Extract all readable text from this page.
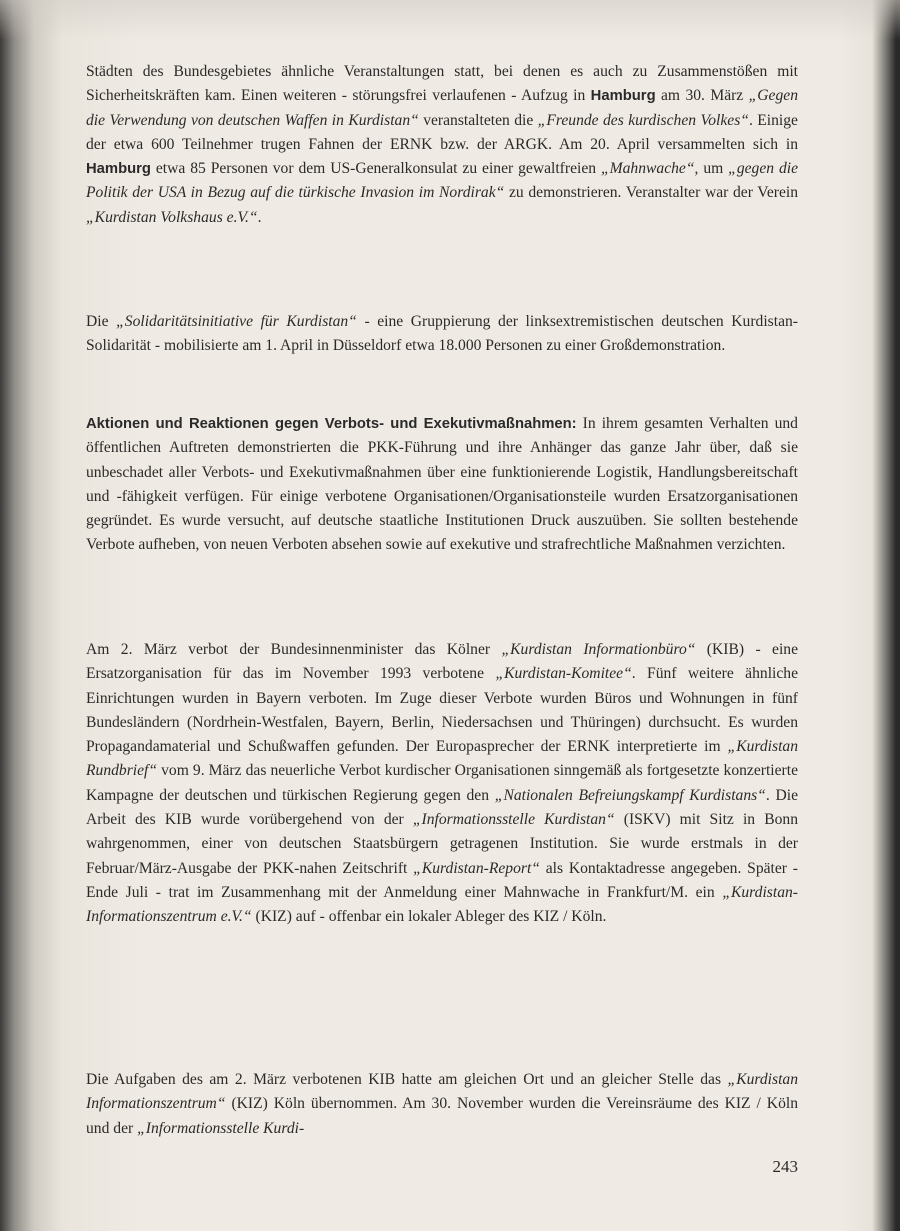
Städten des Bundesgebietes ähnliche Veranstaltungen statt, bei denen es auch zu Zusammenstößen mit Sicherheitskräften kam. Einen weiteren - störungsfrei verlaufenen - Aufzug in Hamburg am 30. März „Gegen die Verwendung von deutschen Waffen in Kurdistan“ veranstalteten die „Freunde des kurdischen Volkes“. Einige der etwa 600 Teilnehmer trugen Fahnen der ERNK bzw. der ARGK. Am 20. April versammelten sich in Hamburg etwa 85 Personen vor dem US-Generalkonsulat zu einer gewaltfreien „Mahnwache“, um „gegen die Politik der USA in Bezug auf die türkische Invasion im Nordirak“ zu demonstrieren. Veranstalter war der Verein „Kurdistan Volkshaus e.V.“.

Die „Solidaritätsinitiative für Kurdistan“ - eine Gruppierung der linksextremistischen deutschen Kurdistan-Solidarität - mobilisierte am 1. April in Düsseldorf etwa 18.000 Personen zu einer Großdemonstration.

Aktionen und Reaktionen gegen Verbots- und Exekutivmaßnahmen: In ihrem gesamten Verhalten und öffentlichen Auftreten demonstrierten die PKK-Führung und ihre Anhänger das ganze Jahr über, daß sie unbeschadet aller Verbots- und Exekutivmaßnahmen über eine funktionierende Logistik, Handlungsbereitschaft und -fähigkeit verfügen. Für einige verbotene Organisationen/Organisationsteile wurden Ersatzorganisationen gegründet. Es wurde versucht, auf deutsche staatliche Institutionen Druck auszuüben. Sie sollten bestehende Verbote aufheben, von neuen Verboten absehen sowie auf exekutive und strafrechtliche Maßnahmen verzichten.

Am 2. März verbot der Bundesinnenminister das Kölner „Kurdistan Informationbüro“ (KIB) - eine Ersatzorganisation für das im November 1993 verbotene „Kurdistan-Komitee“. Fünf weitere ähnliche Einrichtungen wurden in Bayern verboten. Im Zuge dieser Verbote wurden Büros und Wohnungen in fünf Bundesländern (Nordrhein-Westfalen, Bayern, Berlin, Niedersachsen und Thüringen) durchsucht. Es wurden Propagandamaterial und Schußwaffen gefunden. Der Europasprecher der ERNK interpretierte im „Kurdistan Rundbrief“ vom 9. März das neuerliche Verbot kurdischer Organisationen sinngemäß als fortgesetzte konzertierte Kampagne der deutschen und türkischen Regierung gegen den „Nationalen Befreiungskampf Kurdistans“. Die Arbeit des KIB wurde vorübergehend von der „Informationsstelle Kurdistan“ (ISKV) mit Sitz in Bonn wahrgenommen, einer von deutschen Staatsbürgern getragenen Institution. Sie wurde erstmals in der Februar/März-Ausgabe der PKK-nahen Zeitschrift „Kurdistan-Report“ als Kontaktadresse angegeben. Später - Ende Juli - trat im Zusammenhang mit der Anmeldung einer Mahnwache in Frankfurt/M. ein „Kurdistan-Informationszentrum e.V.“ (KIZ) auf - offenbar ein lokaler Ableger des KIZ / Köln.

Die Aufgaben des am 2. März verbotenen KIB hatte am gleichen Ort und an gleicher Stelle das „Kurdistan Informationszentrum“ (KIZ) Köln übernommen. Am 30. November wurden die Vereinsräume des KIZ / Köln und der „Informationsstelle Kurdi-

243
